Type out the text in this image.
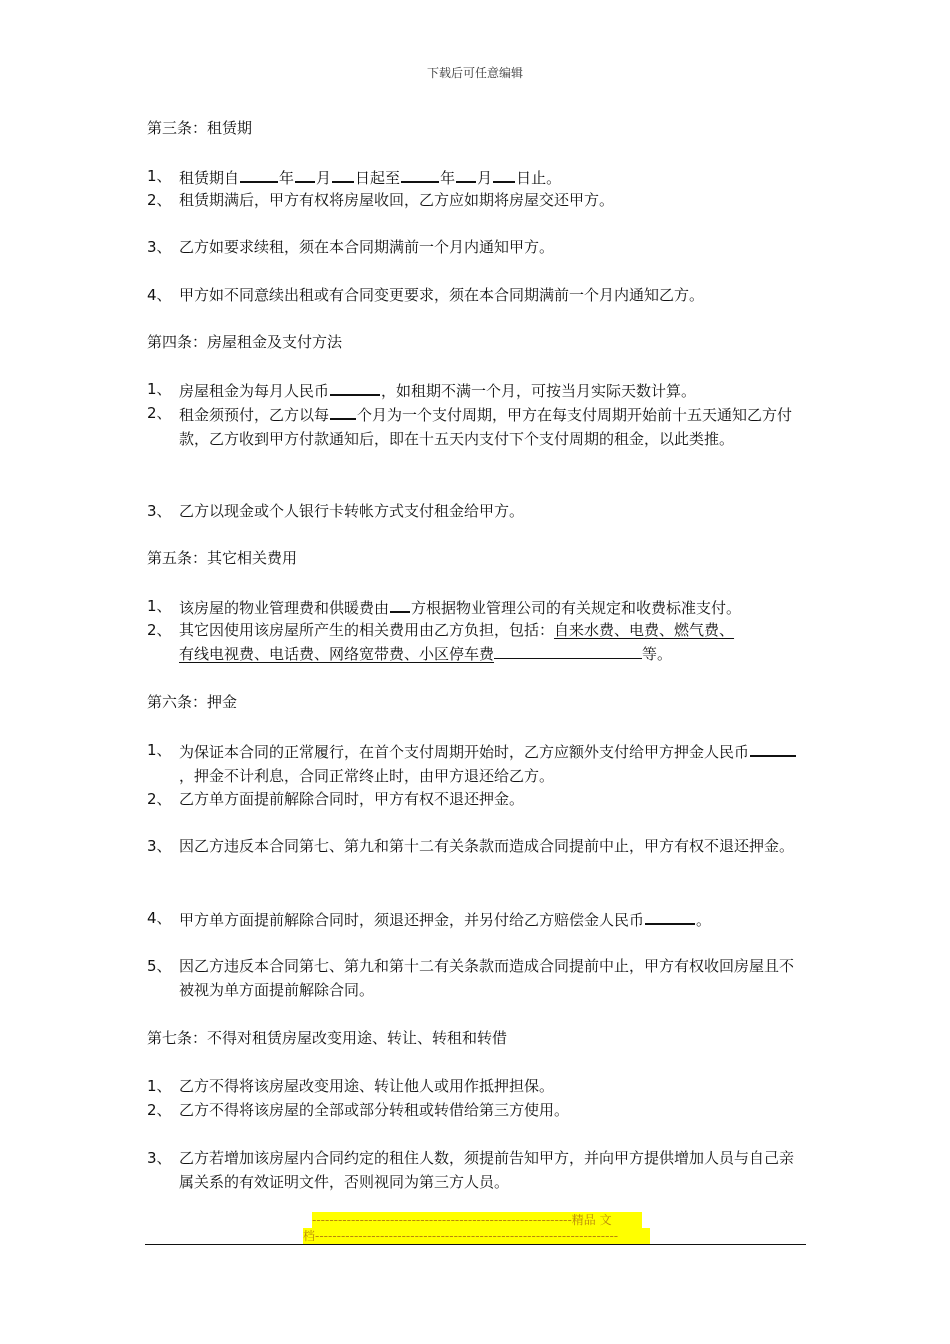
下载后可任意编辑
第三条：租赁期
1、 租赁期自	年 月 日起至	年 月 日止。
2、 租赁期满后，甲方有权将房屋收回，乙方应如期将房屋交还甲方。
3、 乙方如要求续租，须在本合同期满前一个月内通知甲方。
4、 甲方如不同意续出租或有合同变更要求，须在本合同期满前一个月内通知乙方。
第四条：房屋租金及支付方法
1、 房屋租金为每月人民币	，如租期不满一个月，可按当月实际天数计算。
2、 租金须预付，乙方以每 个月为一个支付周期，甲方在每支付周期开始前十五天通知乙方付款，乙方收到甲方付款通知后，即在十五天内支付下个支付周期的租金，以此类推。
3、 乙方以现金或个人银行卡转帐方式支付租金给甲方。
第五条：其它相关费用
1、 该房屋的物业管理费和供暖费由 方根据物业管理公司的有关规定和收费标准支付。
2、 其它因使用该房屋所产生的相关费用由乙方负担，包括：自来水费、电费、燃气费、
有线电视费、电话费、网络宽带费、小区停车费	等。
第六条：押金
1、 为保证本合同的正常履行，在首个支付周期开始时，乙方应额外支付给甲方押金人民币，押金不计利息，合同正常终止时，由甲方退还给乙方。
2、 乙方单方面提前解除合同时，甲方有权不退还押金。
3、 因乙方违反本合同第七、第九和第十二有关条款而造成合同提前中止，甲方有权不退还押金。
4、 甲方单方面提前解除合同时，须退还押金，并另付给乙方赔偿金人民币	。
5、 因乙方违反本合同第七、第九和第十二有关条款而造成合同提前中止，甲方有权收回房屋且不被视为单方面提前解除合同。
第七条：不得对租赁房屋改变用途、转让、转租和转借
1、 乙方不得将该房屋改变用途、转让他人或用作抵押担保。
2、 乙方不得将该房屋的全部或部分转租或转借给第三方使用。
3、 乙方若增加该房屋内合同约定的租住人数，须提前告知甲方，并向甲方提供增加人员与自己亲属关系的有效证明文件，否则视同为第三方人员。
------------------------------------------------------------精品 文
档----------------------------------------------------------------------
